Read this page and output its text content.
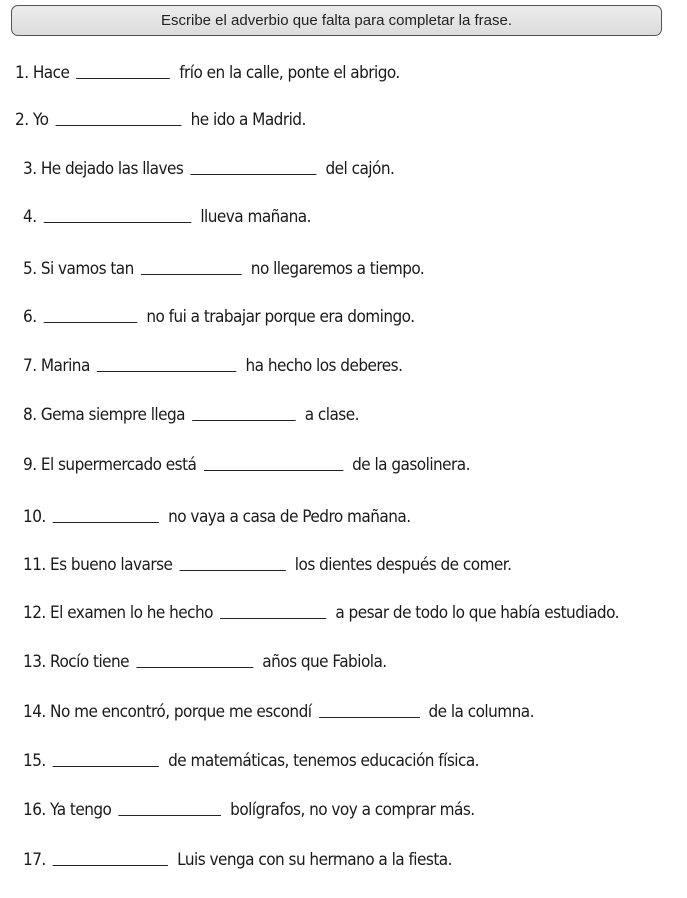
Escribe el adverbio que falta para completar la frase.
1. Hace	frío en la calle, ponte el abrigo.
2. Yo	he ido a Madrid.
3. He dejado las llaves	del cajón.
4.	llueva mañana.
5. Si vamos tan	no llegaremos a tiempo.
6.	no fui a trabajar porque era domingo.
7. Marina	ha hecho los deberes.
8. Gema siempre llega	a clase.
9. El supermercado está	de la gasolinera.
10.	no vaya a casa de Pedro mañana.
11. Es bueno lavarse	los dientes después de comer.
12. El examen lo he hecho	a pesar de todo lo que había estudiado.
13. Rocío tiene	años que Fabiola.
14. No me encontró, porque me escondí	de la columna.
15.	de matemáticas, tenemos educación física.
16. Ya tengo	bolígrafos, no voy a comprar más.
17.	Luis venga con su hermano a la fiesta.
